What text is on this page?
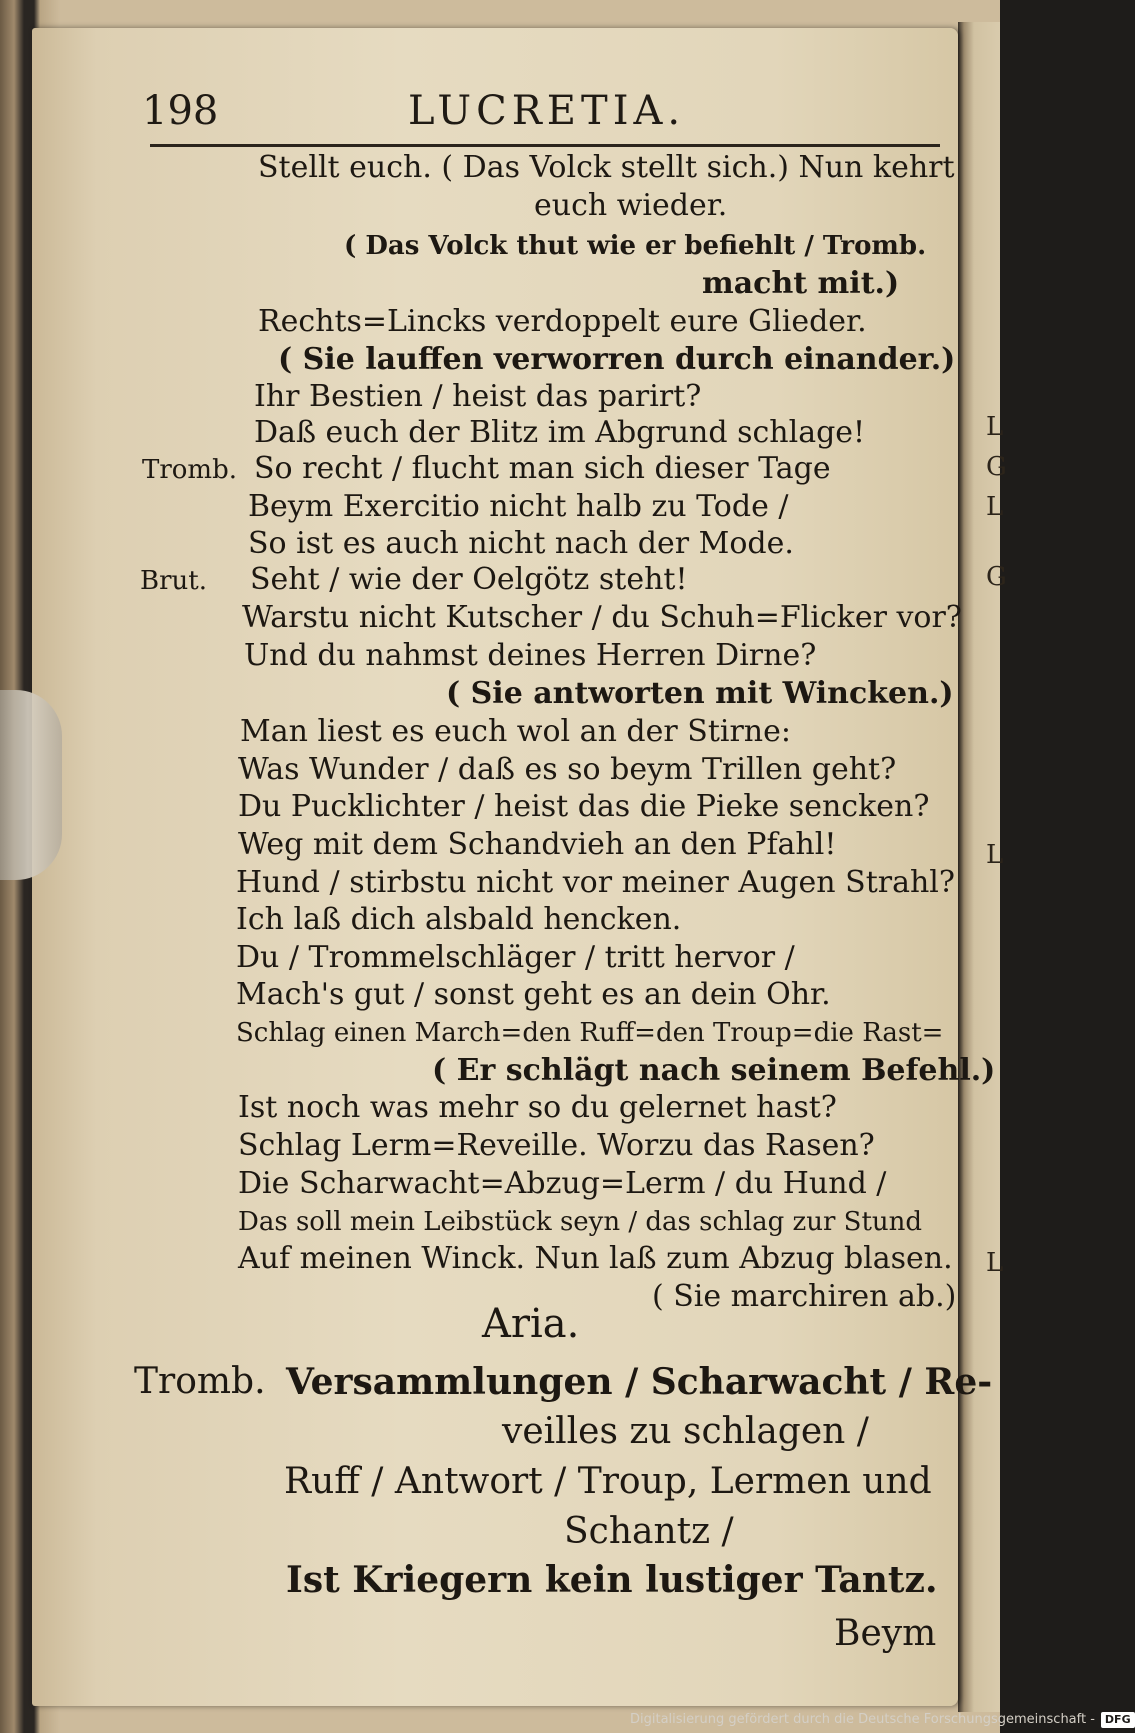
198	LUCRETIA.
Stellt euch. ( Das Volck stellt sich.) Nun kehrt
euch wieder.
( Das Volck thut wie er befiehlt / Tromb.
macht mit.)
Rechts=Lincks verdoppelt eure Glieder.
( Sie lauffen verworren durch einander.)
Ihr Bestien / heist das parirt?
Daß euch der Blitz im Abgrund schlage!
Tromb. So recht / flucht man sich dieser Tage
Beym Exercitio nicht halb zu Tode /
So ist es auch nicht nach der Mode.
Brut. Seht / wie der Oelgötz steht!
Warstu nicht Kutscher / du Schuh=Flicker vor?
Und du nahmst deines Herren Dirne?
( Sie antworten mit Wincken.)
Man liest es euch wol an der Stirne:
Was Wunder / daß es so beym Trillen geht?
Du Pucklichter / heist das die Pieke sencken?
Weg mit dem Schandvieh an den Pfahl!
Hund / stirbstu nicht vor meiner Augen Strahl?
Ich laß dich alsbald hencken.
Du / Trommelschläger / tritt hervor /
Mach's gut / sonst geht es an dein Ohr.
Schlag einen March=den Ruff=den Troup=die Rast=
( Er schlägt nach seinem Befehl.)
Ist noch was mehr so du gelernet hast?
Schlag Lerm=Reveille. Worzu das Rasen?
Die Scharwacht=Abzug=Lerm / du Hund /
Das soll mein Leibstück seyn / das schlag zur Stund
Auf meinen Winck. Nun laß zum Abzug blasen.
( Sie marchiren ab.)
Aria.
Tromb. Versammlungen / Scharwacht / Re-
veilles zu schlagen /
Ruff / Antwort / Troup, Lermen und
Schantz /
Ist Kriegern kein lustiger Tantz.
Beym
L
G
L
G
L
L
Digitalisierung gefördert durch die Deutsche Forschungsgemeinschaft - DFG
